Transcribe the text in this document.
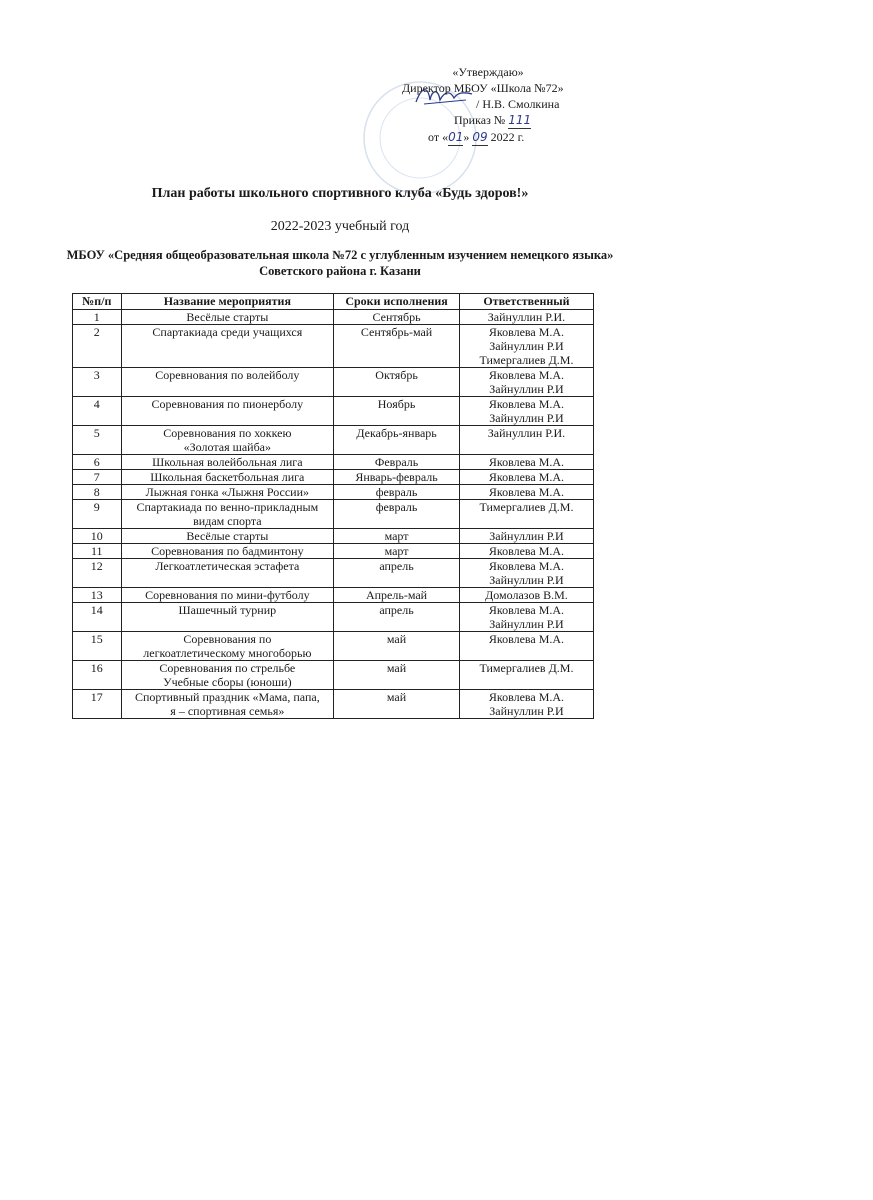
«Утверждаю»
Директор МБОУ «Школа №72»
/ Н.В. Смолкина
Приказ № 111
от «01» 09 2022 г.
План работы школьного спортивного клуба «Будь здоров!»
2022-2023 учебный год
МБОУ «Средняя общеобразовательная школа №72 с углубленным изучением немецкого языка» Советского района г. Казани
№п/п	Название мероприятия	Сроки исполнения	Ответственный
1	Весёлые старты	Сентябрь	Зайнуллин Р.И.
2	Спартакиада среди учащихся	Сентябрь-май	Яковлева М.А.
Зайнуллин Р.И
Тимергалиев Д.М.
3	Соревнования по волейболу	Октябрь	Яковлева М.А.
Зайнуллин Р.И
4	Соревнования по пионерболу	Ноябрь	Яковлева М.А.
Зайнуллин Р.И
5	Соревнования по хоккею
«Золотая шайба»	Декабрь-январь	Зайнуллин Р.И.
6	Школьная волейбольная лига	Февраль	Яковлева М.А.
7	Школьная баскетбольная лига	Январь-февраль	Яковлева М.А.
8	Лыжная гонка «Лыжня России»	февраль	Яковлева М.А.
9	Спартакиада по венно-прикладным
видам спорта	февраль	Тимергалиев Д.М.
10	Весёлые старты	март	Зайнуллин Р.И
11	Соревнования по бадминтону	март	Яковлева М.А.
12	Легкоатлетическая эстафета	апрель	Яковлева М.А.
Зайнуллин Р.И
13	Соревнования по мини-футболу	Апрель-май	Домолазов В.М.
14	Шашечный турнир	апрель	Яковлева М.А.
Зайнуллин Р.И
15	Соревнования по
легкоатлетическому многоборью	май	Яковлева М.А.
16	Соревнования по стрельбе
Учебные сборы (юноши)	май	Тимергалиев Д.М.
17	Спортивный праздник «Мама, папа,
я – спортивная семья»	май	Яковлева М.А.
Зайнуллин Р.И
